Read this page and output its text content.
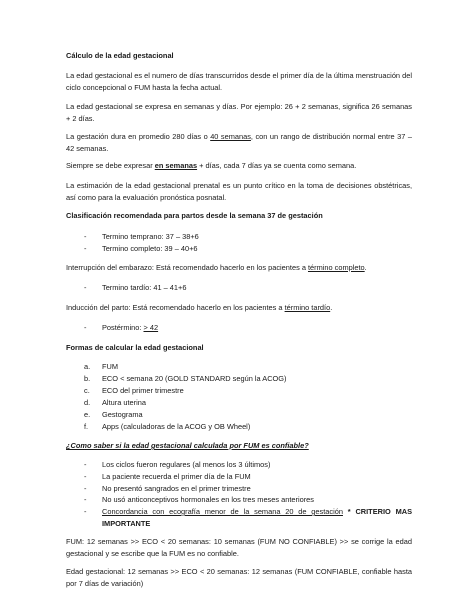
Cálculo de la edad gestacional
La edad gestacional es el numero de días transcurridos desde el primer día de la última menstruación del ciclo concepcional o FUM hasta la fecha actual.
La edad gestacional se expresa en semanas y días. Por ejemplo: 26 + 2 semanas, significa 26 semanas + 2 días.
La gestación dura en promedio 280 días o 40 semanas, con un rango de distribución normal entre 37 – 42 semanas.
Siempre se debe expresar en semanas + días, cada 7 días ya se cuenta como semana.
La estimación de la edad gestacional prenatal es un punto crítico en la toma de decisiones obstétricas, así como para la evaluación pronóstica posnatal.
Clasificación recomendada para partos desde la semana 37 de gestación
-	Termino temprano: 37 – 38+6
-	Termino completo: 39 – 40+6
Interrupción del embarazo: Está recomendado hacerlo en los pacientes a término completo.
-	Termino tardío: 41 – 41+6
Inducción del parto: Está recomendado hacerlo en los pacientes a término tardío.
-	Postérmino: > 42
Formas de calcular la edad gestacional
a.	FUM
b.	ECO < semana 20 (GOLD STANDARD según la ACOG)
c.	ECO del primer trimestre
d.	Altura uterina
e.	Gestograma
f.	Apps (calculadoras de la ACOG y OB Wheel)
¿Como saber si la edad gestacional calculada por FUM es confiable?
-	Los ciclos fueron regulares (al menos los 3 últimos)
-	La paciente recuerda el primer día de la FUM
-	No presentó sangrados en el primer trimestre
-	No usó anticonceptivos hormonales en los tres meses anteriores
-	Concordancia con ecografía menor de la semana 20 de gestación * CRITERIO MAS IMPORTANTE
FUM: 12 semanas >> ECO < 20 semanas: 10 semanas (FUM NO CONFIABLE) >> se corrige la edad gestacional y se escribe que la FUM es no confiable.
Edad gestacional: 12 semanas >> ECO < 20 semanas: 12 semanas (FUM CONFIABLE, confiable hasta por 7 días de variación)
